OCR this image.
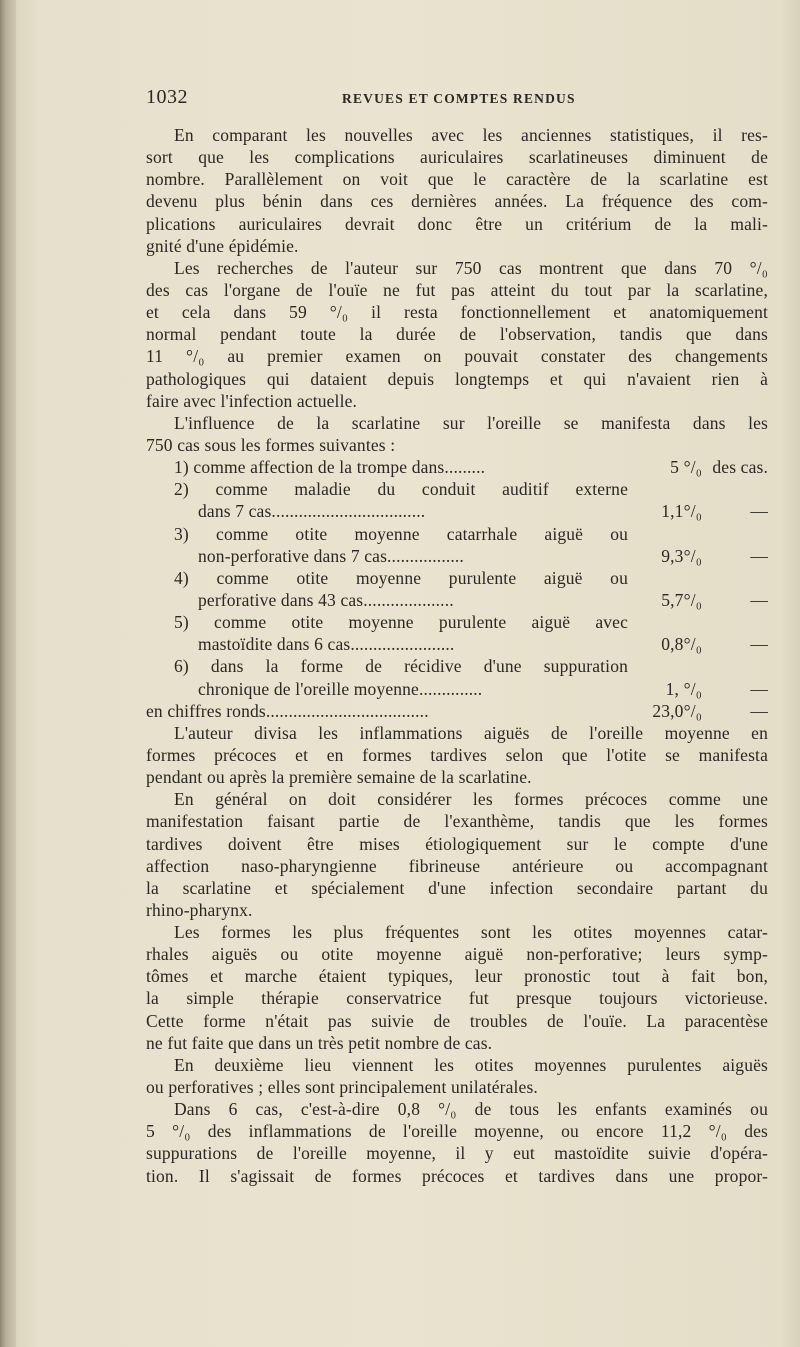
1032	REVUES ET COMPTES RENDUS
En comparant les nouvelles avec les anciennes statistiques, il res-
sort que les complications auriculaires scarlatineuses diminuent de
nombre. Parallèlement on voit que le caractère de la scarlatine est
devenu plus bénin dans ces dernières années. La fréquence des com-
plications auriculaires devrait donc être un critérium de la mali-
gnité d'une épidémie.
Les recherches de l'auteur sur 750 cas montrent que dans 70 °/₀
des cas l'organe de l'ouïe ne fut pas atteint du tout par la scarlatine,
et cela dans 59 °/₀ il resta fonctionnellement et anatomiquement
normal pendant toute la durée de l'observation, tandis que dans
11 °/₀ au premier examen on pouvait constater des changements
pathologiques qui dataient depuis longtemps et qui n'avaient rien à
faire avec l'infection actuelle.
L'influence de la scarlatine sur l'oreille se manifesta dans les
750 cas sous les formes suivantes :
1) comme affection de la trompe dans.........	5 °/₀ des cas.
2) comme maladie du conduit auditif externe
dans 7 cas..................................	1,1°/₀	—
3) comme otite moyenne catarrhale aiguë ou
non-perforative dans 7 cas.................	9,3°/₀	—
4) comme otite moyenne purulente aiguë ou
perforative dans 43 cas....................	5,7°/₀	—
5) comme otite moyenne purulente aiguë avec
mastoïdite dans 6 cas.......................	0,8°/₀	—
6) dans la forme de récidive d'une suppuration
chronique de l'oreille moyenne..............	1, °/₀	—
en chiffres ronds....................................	23,0°/₀	—
L'auteur divisa les inflammations aiguës de l'oreille moyenne en
formes précoces et en formes tardives selon que l'otite se manifesta
pendant ou après la première semaine de la scarlatine.
En général on doit considérer les formes précoces comme une
manifestation faisant partie de l'exanthème, tandis que les formes
tardives doivent être mises étiologiquement sur le compte d'une
affection naso-pharyngienne fibrineuse antérieure ou accompagnant
la scarlatine et spécialement d'une infection secondaire partant du
rhino-pharynx.
Les formes les plus fréquentes sont les otites moyennes catar-
rhales aiguës ou otite moyenne aiguë non-perforative; leurs symp-
tômes et marche étaient typiques, leur pronostic tout à fait bon,
la simple thérapie conservatrice fut presque toujours victorieuse.
Cette forme n'était pas suivie de troubles de l'ouïe. La paracentèse
ne fut faite que dans un très petit nombre de cas.
En deuxième lieu viennent les otites moyennes purulentes aiguës
ou perforatives ; elles sont principalement unilatérales.
Dans 6 cas, c'est-à-dire 0,8 °/₀ de tous les enfants examinés ou
5 °/₀ des inflammations de l'oreille moyenne, ou encore 11,2 °/₀ des
suppurations de l'oreille moyenne, il y eut mastoïdite suivie d'opéra-
tion. Il s'agissait de formes précoces et tardives dans une propor-
